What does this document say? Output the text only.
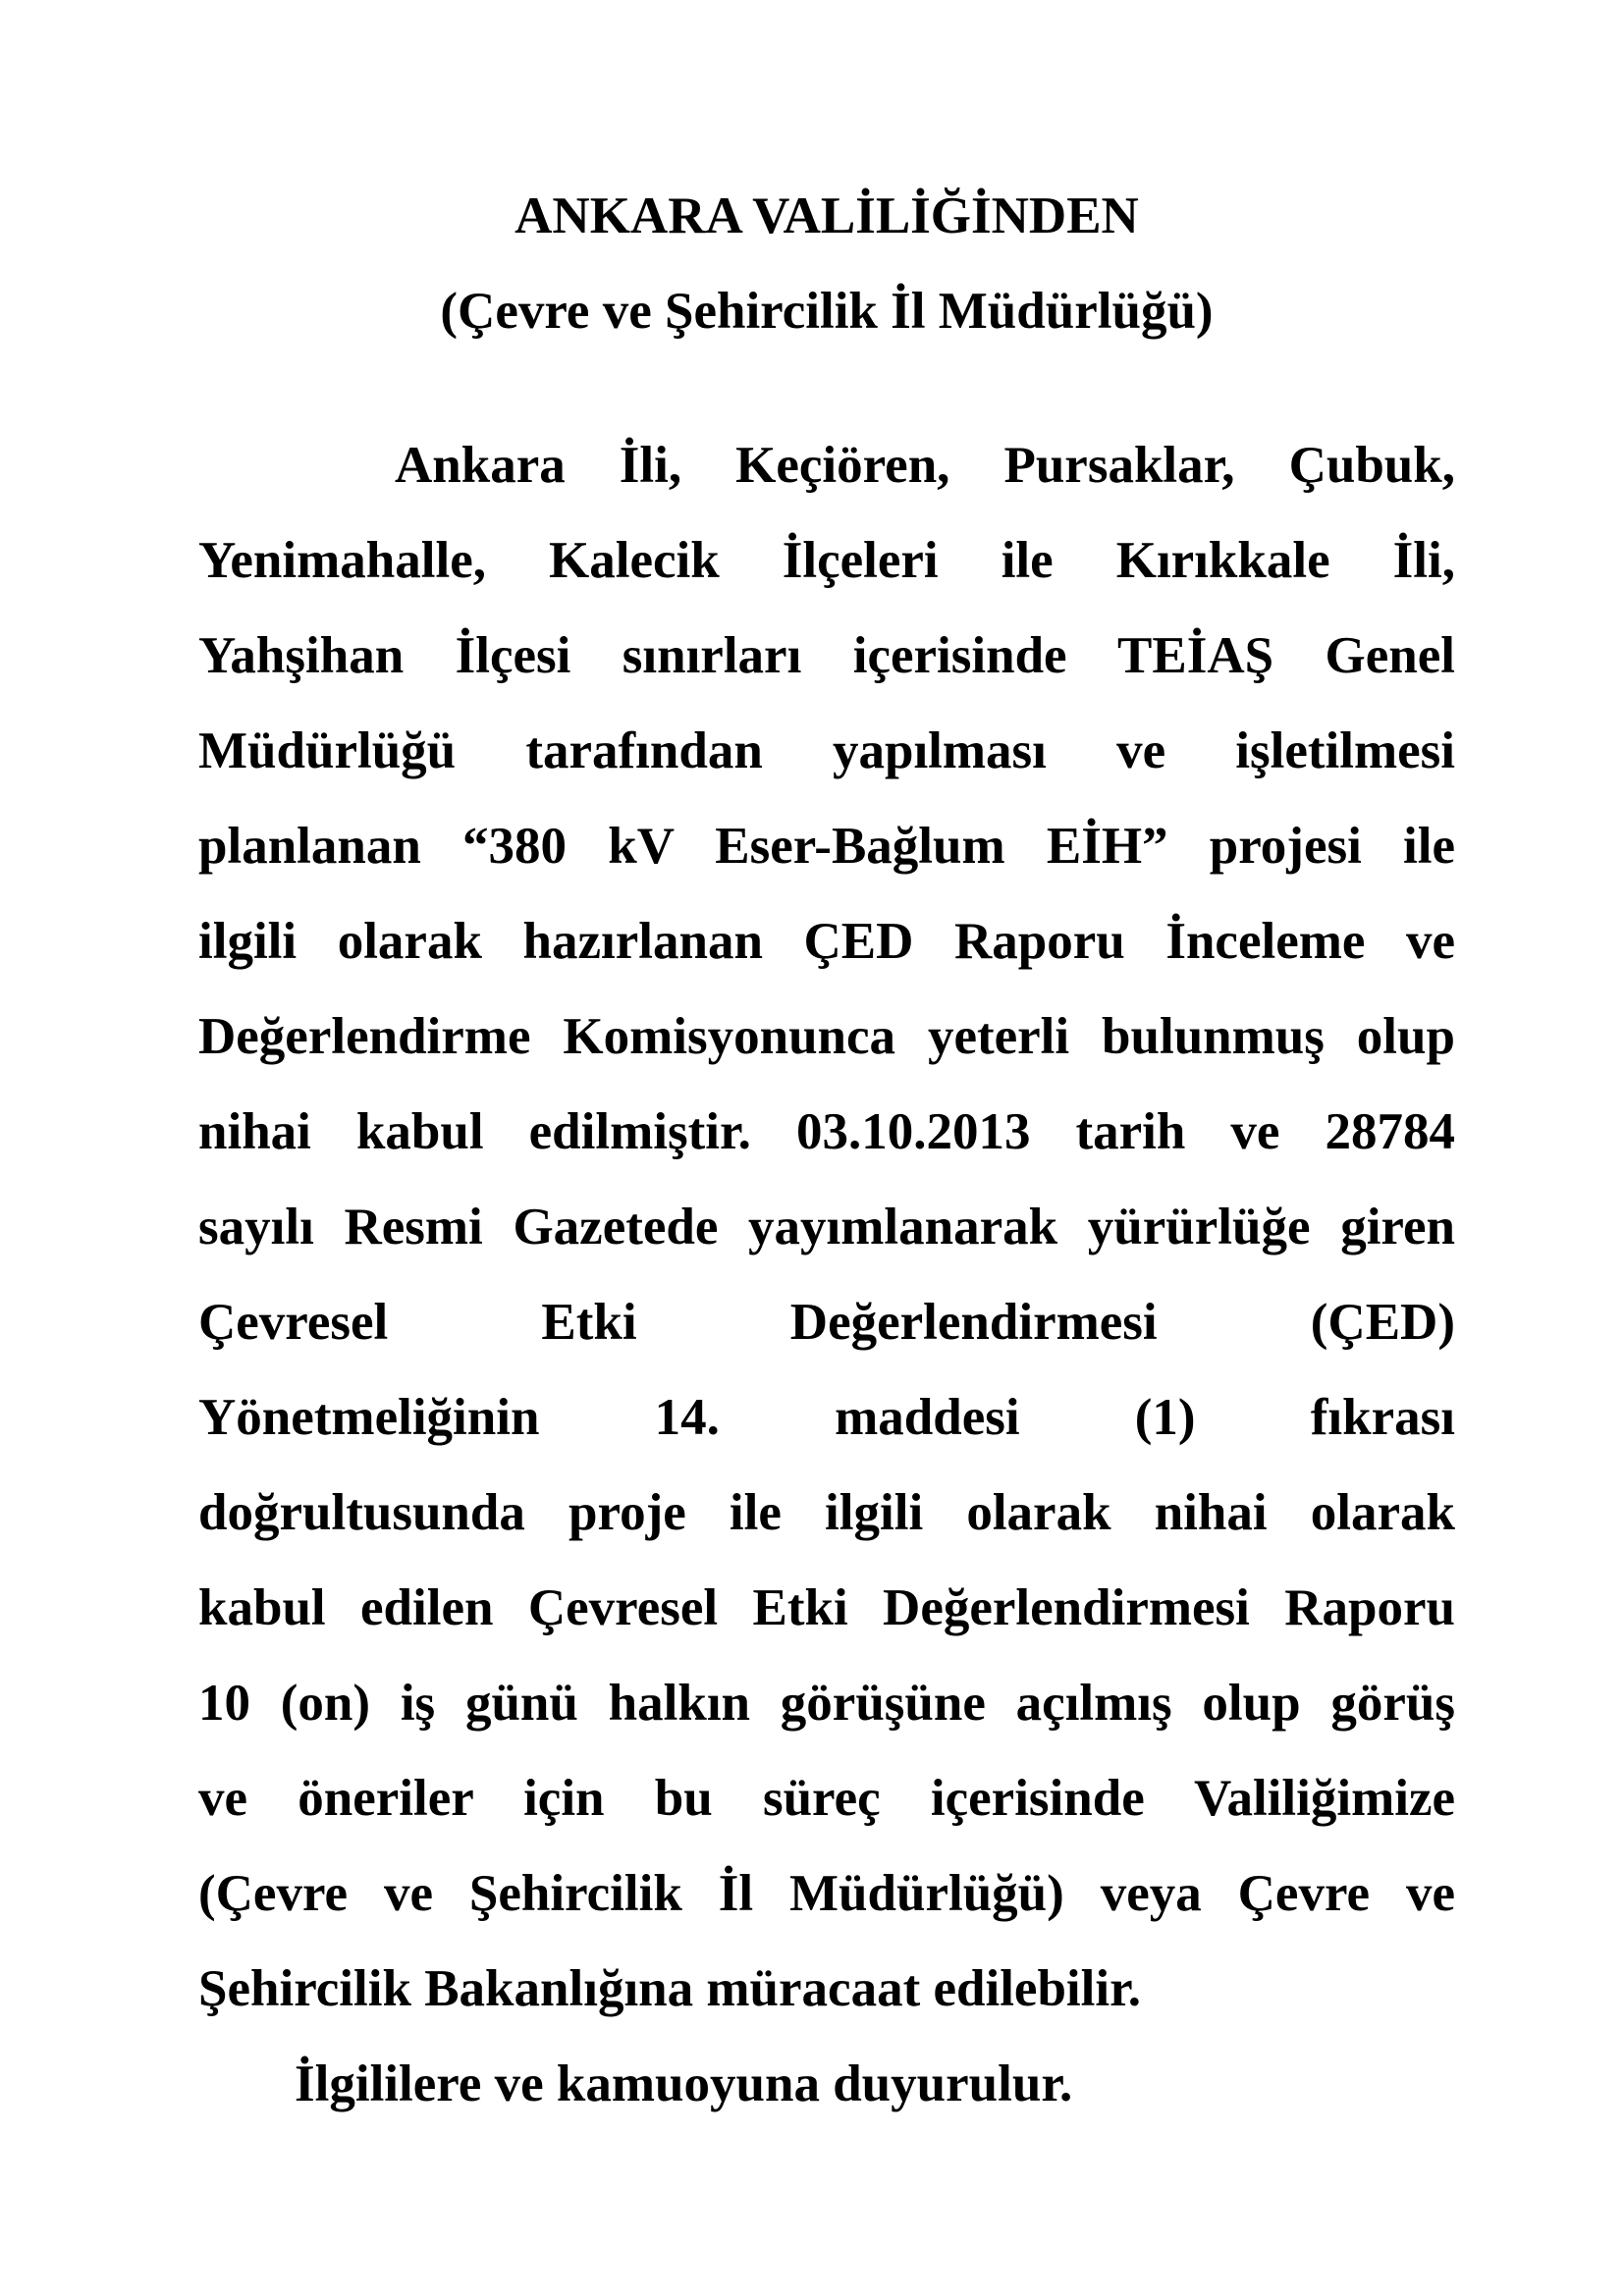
ANKARA VALİLİĞİNDEN
(Çevre ve Şehircilik İl Müdürlüğü)
Ankara İli, Keçiören, Pursaklar, Çubuk,
Yenimahalle, Kalecik İlçeleri ile Kırıkkale İli,
Yahşihan İlçesi sınırları içerisinde TEİAŞ Genel
Müdürlüğü tarafından yapılması ve işletilmesi
planlanan “380 kV Eser-Bağlum EİH” projesi ile
ilgili olarak hazırlanan ÇED Raporu İnceleme ve
Değerlendirme Komisyonunca yeterli bulunmuş olup
nihai kabul edilmiştir. 03.10.2013 tarih ve 28784
sayılı Resmi Gazetede yayımlanarak yürürlüğe giren
Çevresel Etki Değerlendirmesi (ÇED)
Yönetmeliğinin 14. maddesi (1) fıkrası
doğrultusunda proje ile ilgili olarak nihai olarak
kabul edilen Çevresel Etki Değerlendirmesi Raporu
10 (on) iş günü halkın görüşüne açılmış olup görüş
ve öneriler için bu süreç içerisinde Valiliğimize
(Çevre ve Şehircilik İl Müdürlüğü) veya Çevre ve
Şehircilik Bakanlığına müracaat edilebilir.
İlgililere ve kamuoyuna duyurulur.
